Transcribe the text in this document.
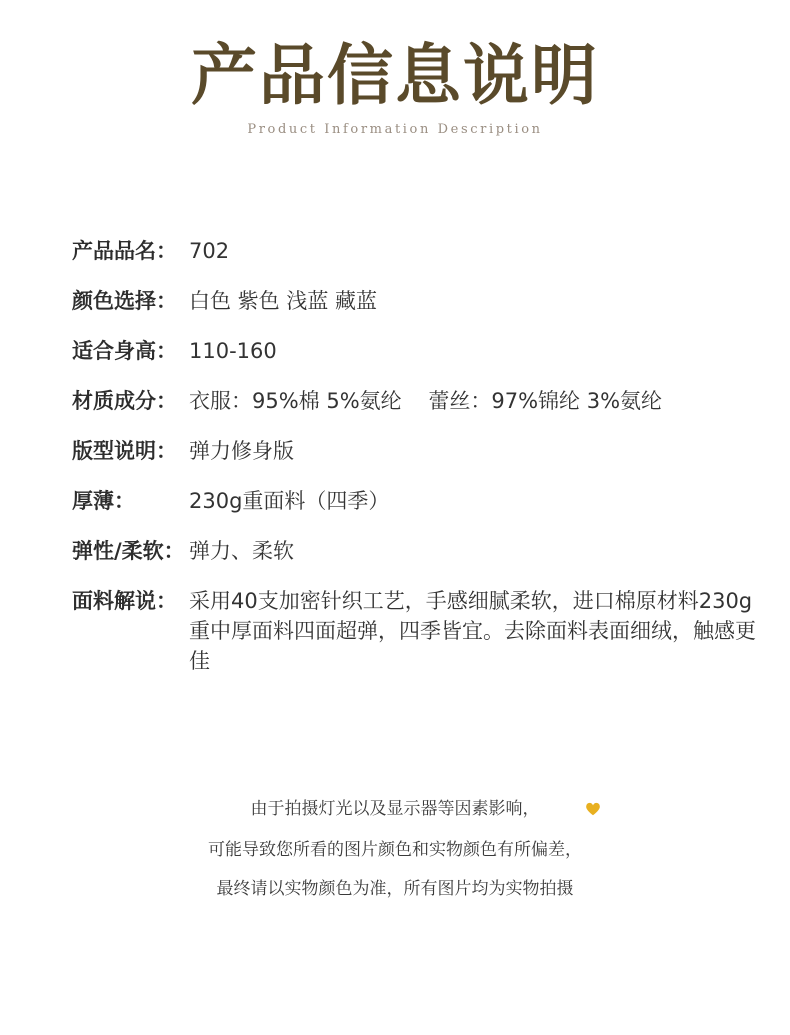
产品信息说明
Product Information Description
产品品名： 702
颜色选择： 白色 紫色 浅蓝 藏蓝
适合身高： 110-160
材质成分： 衣服：95%棉 5%氨纶    蕾丝：97%锦纶 3%氨纶
版型说明： 弹力修身版
厚薄：	230g重面料（四季）
弹性/柔软： 弹力、柔软
面料解说： 采用40支加密针织工艺，手感细腻柔软，进口棉原材料230g重中厚面料四面超弹，四季皆宜。去除面料表面细绒，触感更佳
由于拍摄灯光以及显示器等因素影响，
可能导致您所看的图片颜色和实物颜色有所偏差，
最终请以实物颜色为准，所有图片均为实物拍摄
